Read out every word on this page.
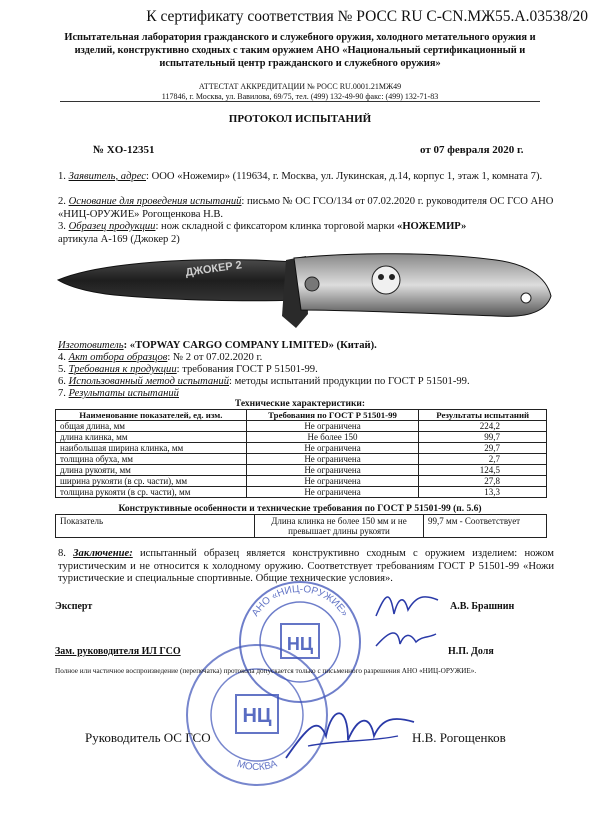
К сертификату соответствия № РОСС RU C-CN.МЖ55.А.03538/20
Испытательная лаборатория гражданского и служебного оружия, холодного метательного оружия и
изделий, конструктивно сходных с таким оружием АНО «Национальный сертификационный и
испытательный центр гражданского и служебного оружия»
АТТЕСТАТ АККРЕДИТАЦИИ № РОСС RU.0001.21МЖ49
117846, г. Москва, ул. Вавилова, 69/75, тел. (499) 132-49-90 факс: (499) 132-71-83
ПРОТОКОЛ ИСПЫТАНИЙ
№ XO-12351	от 07 февраля 2020 г.
1. Заявитель, адрес: ООО «Ножемир» (119634, г. Москва, ул. Лукинская, д.14, корпус 1, этаж 1, комната 7).
2. Основание для проведения испытаний: письмо № ОС ГСО/134 от 07.02.2020 г. руководителя ОС ГСО АНО «НИЦ-ОРУЖИЕ» Рогощенкова Н.В.
3. Образец продукции: нож складной с фиксатором клинка торговой марки «НОЖЕМИР»
артикула А-169 (Джокер 2)
ДЖОКЕР 2
Изготовитель: «TOPWAY CARGO COMPANY LIMITED» (Китай).
4. Акт отбора образцов: № 2 от 07.02.2020 г.
5. Требования к продукции: требования ГОСТ Р 51501-99.
6. Использованный метод испытаний: методы испытаний продукции по ГОСТ Р 51501-99.
7. Результаты испытаний
Технические характеристики:
Наименование показателей, ед. изм.	Требования по ГОСТ Р 51501-99	Результаты испытаний
общая длина, мм	Не ограничена	224,2
длина клинка, мм	Не более 150	99,7
наибольшая ширина клинка, мм	Не ограничена	29,7
толщина обуха, мм	Не ограничена	2,7
длина рукояти, мм	Не ограничена	124,5
ширина рукояти (в ср. части), мм	Не ограничена	27,8
толщина рукояти (в ср. части), мм	Не ограничена	13,3
Конструктивные особенности и технические требования по ГОСТ Р 51501-99 (п. 5.6)
Показатель	Длина клинка не более 150 мм и не превышает длины рукояти	99,7 мм - Соответствует
8. Заключение: испытанный образец является конструктивно сходным с оружием изделием: ножом туристическим и не относится к холодному оружию. Соответствует требованиям ГОСТ Р 51501-99 «Ножи туристические и специальные спортивные. Общие технические условия».
АНО «НИЦ-ОРУЖИЕ»
НЦ
МОСКВА
НЦ
Эксперт	А.В. Брашнин
Зам. руководителя ИЛ ГСО	Н.П. Доля
Полное или частичное воспроизведение (перепечатка) протокола допускается только с письменного разрешения АНО «НИЦ-ОРУЖИЕ».
Руководитель ОС ГСО	Н.В. Рогощенков
